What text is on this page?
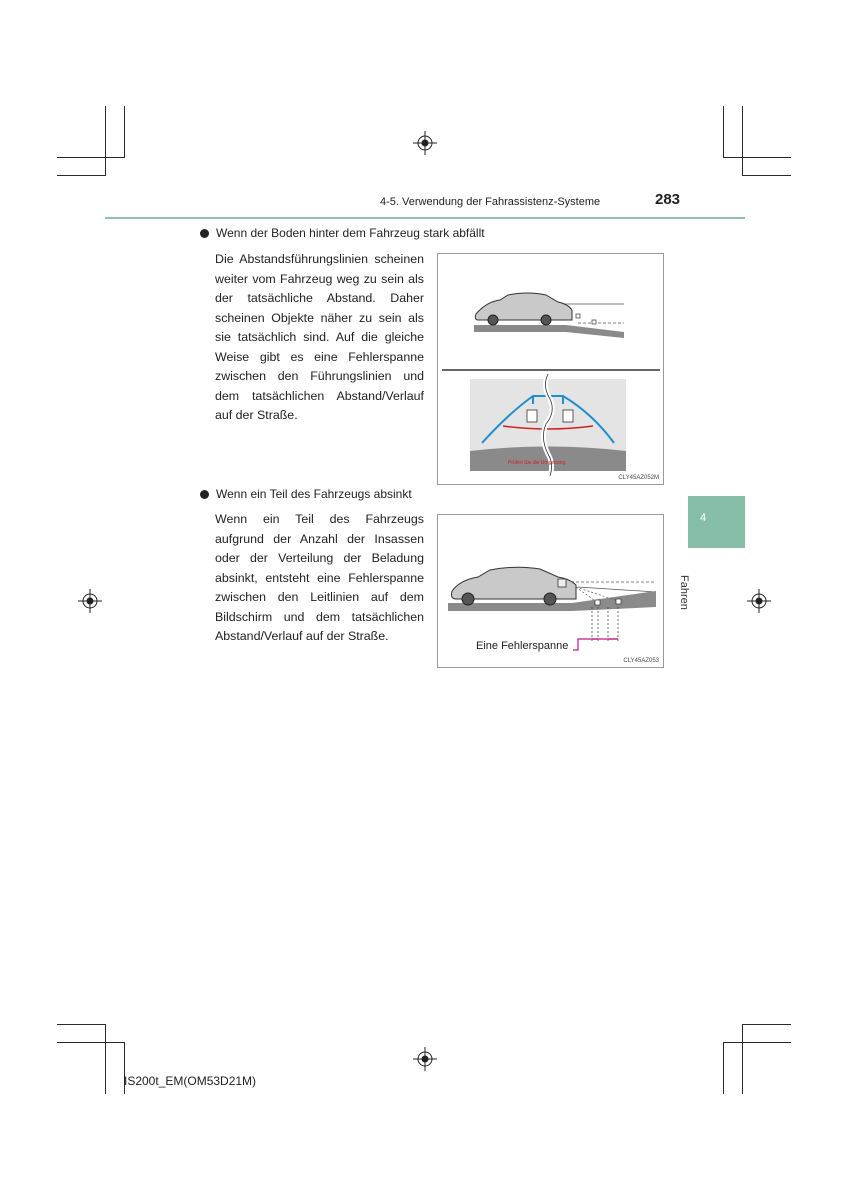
4-5. Verwendung der Fahrassistenz-Systeme	283
4
Fahren
Wenn der Boden hinter dem Fahrzeug stark abfällt
Die Abstandsführungslinien scheinen weiter vom Fahrzeug weg zu sein als der tatsächliche Abstand. Daher scheinen Objekte näher zu sein als sie tatsächlich sind. Auf die gleiche Weise gibt es eine Fehlerspanne zwischen den Führungslinien und dem tatsächlichen Abstand/Verlauf auf der Straße.
Prüfen Sie die Umgebung.
CLY45AZ052M
Wenn ein Teil des Fahrzeugs absinkt
Wenn ein Teil des Fahrzeugs aufgrund der Anzahl der Insassen oder der Verteilung der Beladung absinkt, entsteht eine Fehlerspanne zwischen den Leitlinien auf dem Bildschirm und dem tatsächlichen Abstand/Verlauf auf der Straße.
Eine Fehlerspanne
CLY45AZ053
IS200t_EM(OM53D21M)
